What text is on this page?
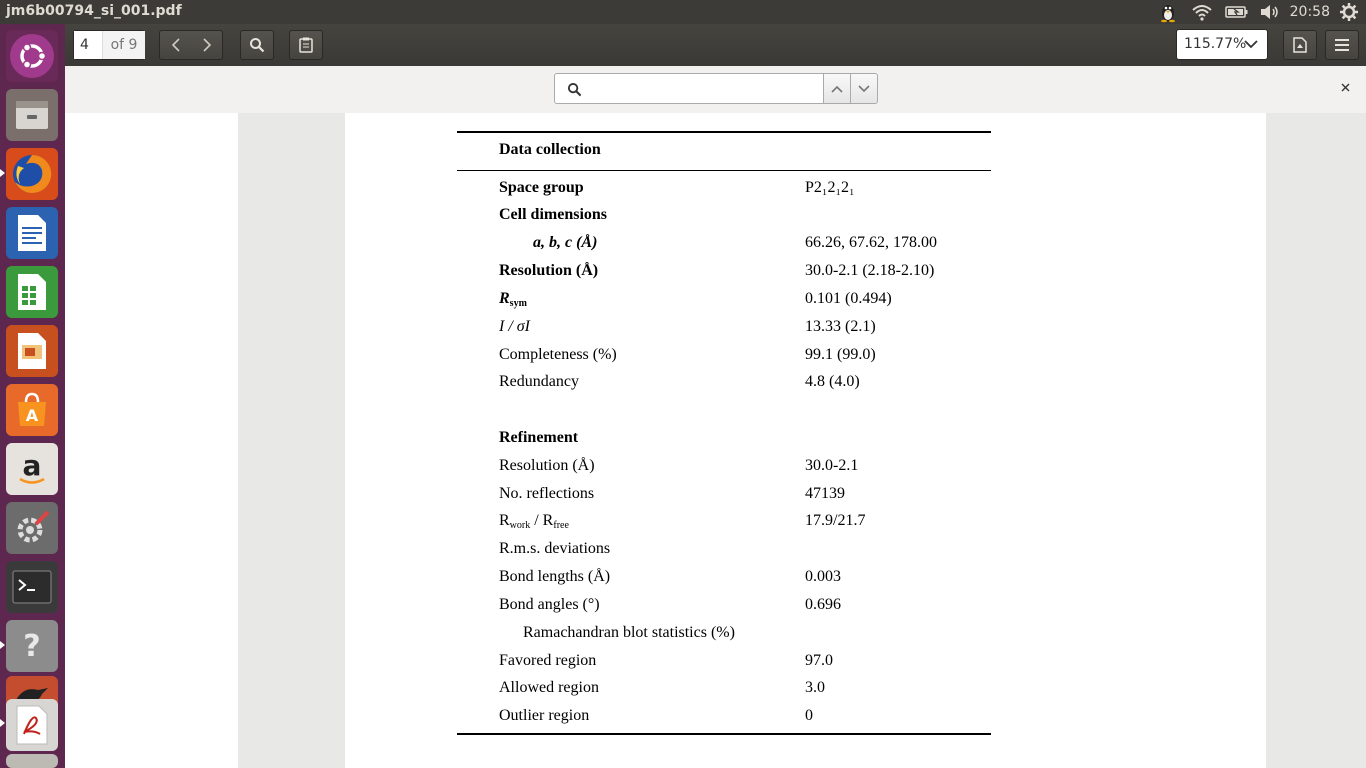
jm6b00794_si_001.pdf	20:58
A
a
?
4
of 9	115.77%
Data collection
Space group	P2₁2₁2₁
Cell dimensions
a, b, c (Å)	66.26, 67.62, 178.00
Resolution (Å)	30.0-2.1 (2.18-2.10)
$R_{sym}$	0.101 (0.494)
I / σI	13.33 (2.1)
Completeness (%)	99.1 (99.0)
Redundancy	4.8 (4.0)
Refinement
Resolution (Å)	30.0-2.1
No. reflections	47139
$R_{work} / R_{free}$	17.9/21.7
R.m.s. deviations
Bond lengths (Å)	0.003
Bond angles (°)	0.696
Ramachandran blot statistics (%)
Favored region	97.0
Allowed region	3.0
Outlier region	0
